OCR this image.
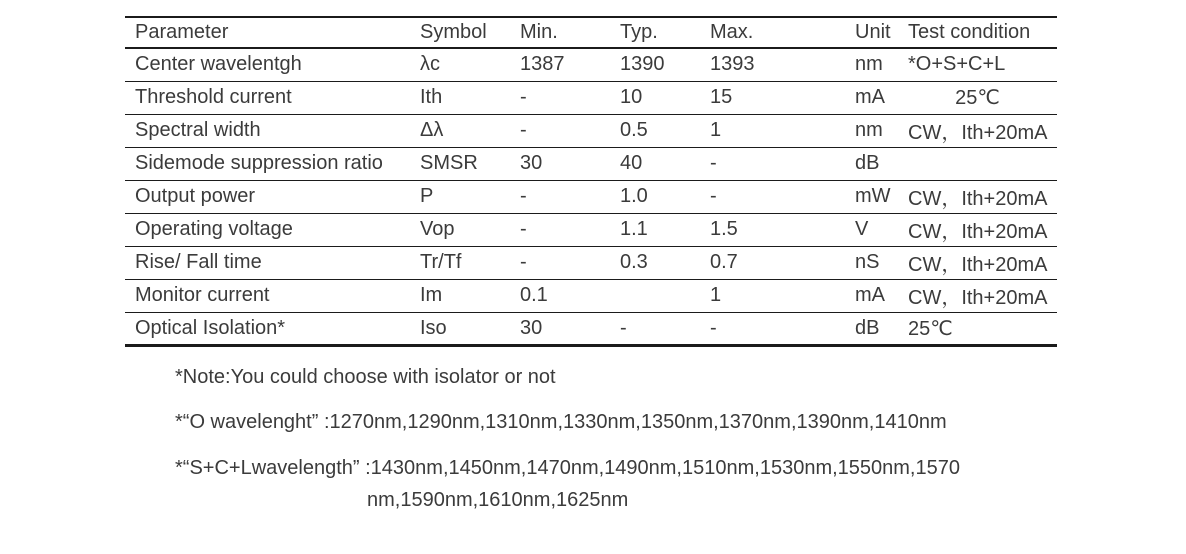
Parameter	Symbol	Min.	Typ.	Max.	Unit	Test condition
Center wavelentgh	λc	1387	1390	1393	nm	*O+S+C+L
Threshold current	Ith	-	10	15	mA	25℃
Spectral width	Δλ	-	0.5	1	nm	CW，Ith+20mA
Sidemode suppression ratio	SMSR	30	40	-	dB	
Output power	P	-	1.0	-	mW	CW，Ith+20mA
Operating voltage	Vop	-	1.1	1.5	V	CW，Ith+20mA
Rise/ Fall time	Tr/Tf	-	0.3	0.7	nS	CW，Ith+20mA
Monitor current	Im	0.1		1	mA	CW，Ith+20mA
Optical Isolation*	Iso	30	-	-	dB	25℃
*Note:You could choose with isolator or not
*“O wavelenght” :1270nm,1290nm,1310nm,1330nm,1350nm,1370nm,1390nm,1410nm
*“S+C+Lwavelength” :1430nm,1450nm,1470nm,1490nm,1510nm,1530nm,1550nm,1570
nm,1590nm,1610nm,1625nm
